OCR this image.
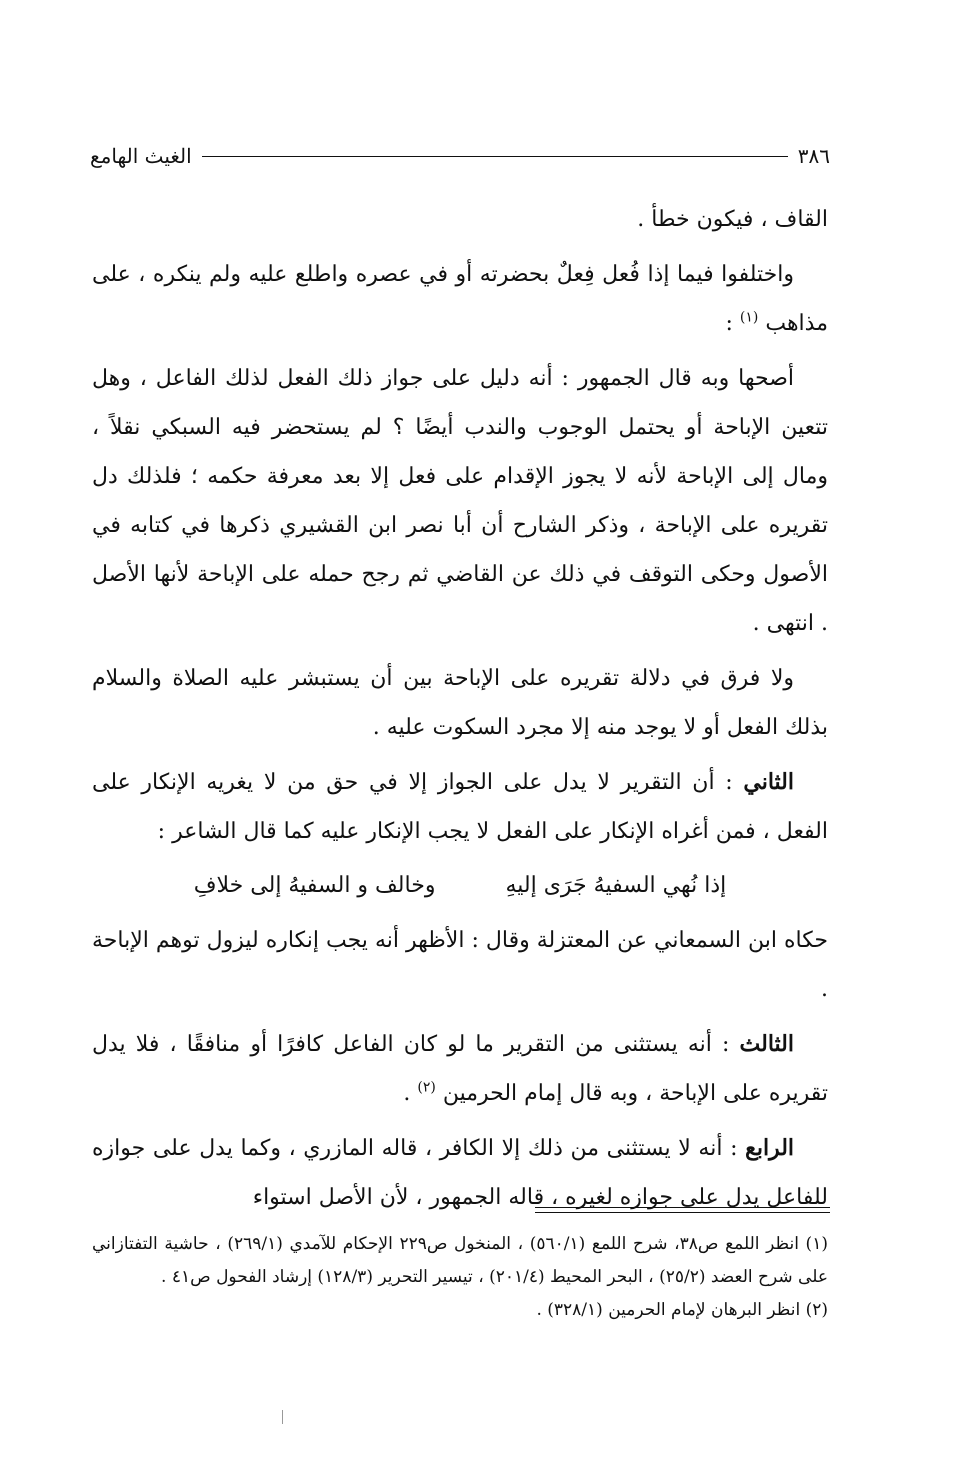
٣٨٦
الغيث الهامع

القاف ، فيكون خطأ .

واختلفوا فيما إذا فُعل فِعلٌ بحضرته أو في عصره واطلع عليه ولم ينكره ، على مذاهب $^{(١)}$ :

أصحها وبه قال الجمهور : أنه دليل على جواز ذلك الفعل لذلك الفاعل ، وهل تتعين الإباحة أو يحتمل الوجوب والندب أيضًا ؟ لم يستحضر فيه السبكي نقلاً ، ومال إلى الإباحة لأنه لا يجوز الإقدام على فعل إلا بعد معرفة حكمه ؛ فلذلك دل تقريره على الإباحة ، وذكر الشارح أن أبا نصر ابن القشيري ذكرها في كتابه في الأصول وحكى التوقف في ذلك عن القاضي ثم رجح حمله على الإباحة لأنها الأصل . انتهى .

ولا فرق في دلالة تقريره على الإباحة بين أن يستبشر عليه الصلاة والسلام بذلك الفعل أو لا يوجد منه إلا مجرد السكوت عليه .

الثاني : أن التقرير لا يدل على الجواز إلا في حق من لا يغريه الإنكار على الفعل ، فمن أغراه الإنكار على الفعل لا يجب الإنكار عليه كما قال الشاعر :

إذا نُهي السفيهُ جَرَى إليهِ
وخالف و السفيهُ إلى خلافِ

حكاه ابن السمعاني عن المعتزلة وقال : الأظهر أنه يجب إنكاره ليزول توهم الإباحة .

الثالث : أنه يستثنى من التقرير ما لو كان الفاعل كافرًا أو منافقًا ، فلا يدل تقريره على الإباحة ، وبه قال إمام الحرمين $^{(٢)}$ .

الرابع : أنه لا يستثنى من ذلك إلا الكافر ، قاله المازري ، وكما يدل على جوازه للفاعل يدل على جوازه لغيره ، قاله الجمهور ، لأن الأصل استواء

(١) انظر اللمع ص٣٨، شرح اللمع (٥٦٠/١) ، المنخول ص٢٢٩ الإحكام للآمدي (٢٦٩/١) ، حاشية التفتازاني على شرح العضد (٢٥/٢) ، البحر المحيط (٢٠١/٤) ، تيسير التحرير (١٢٨/٣) إرشاد الفحول ص٤١ .

(٢) انظر البرهان لإمام الحرمين (٣٢٨/١) .
